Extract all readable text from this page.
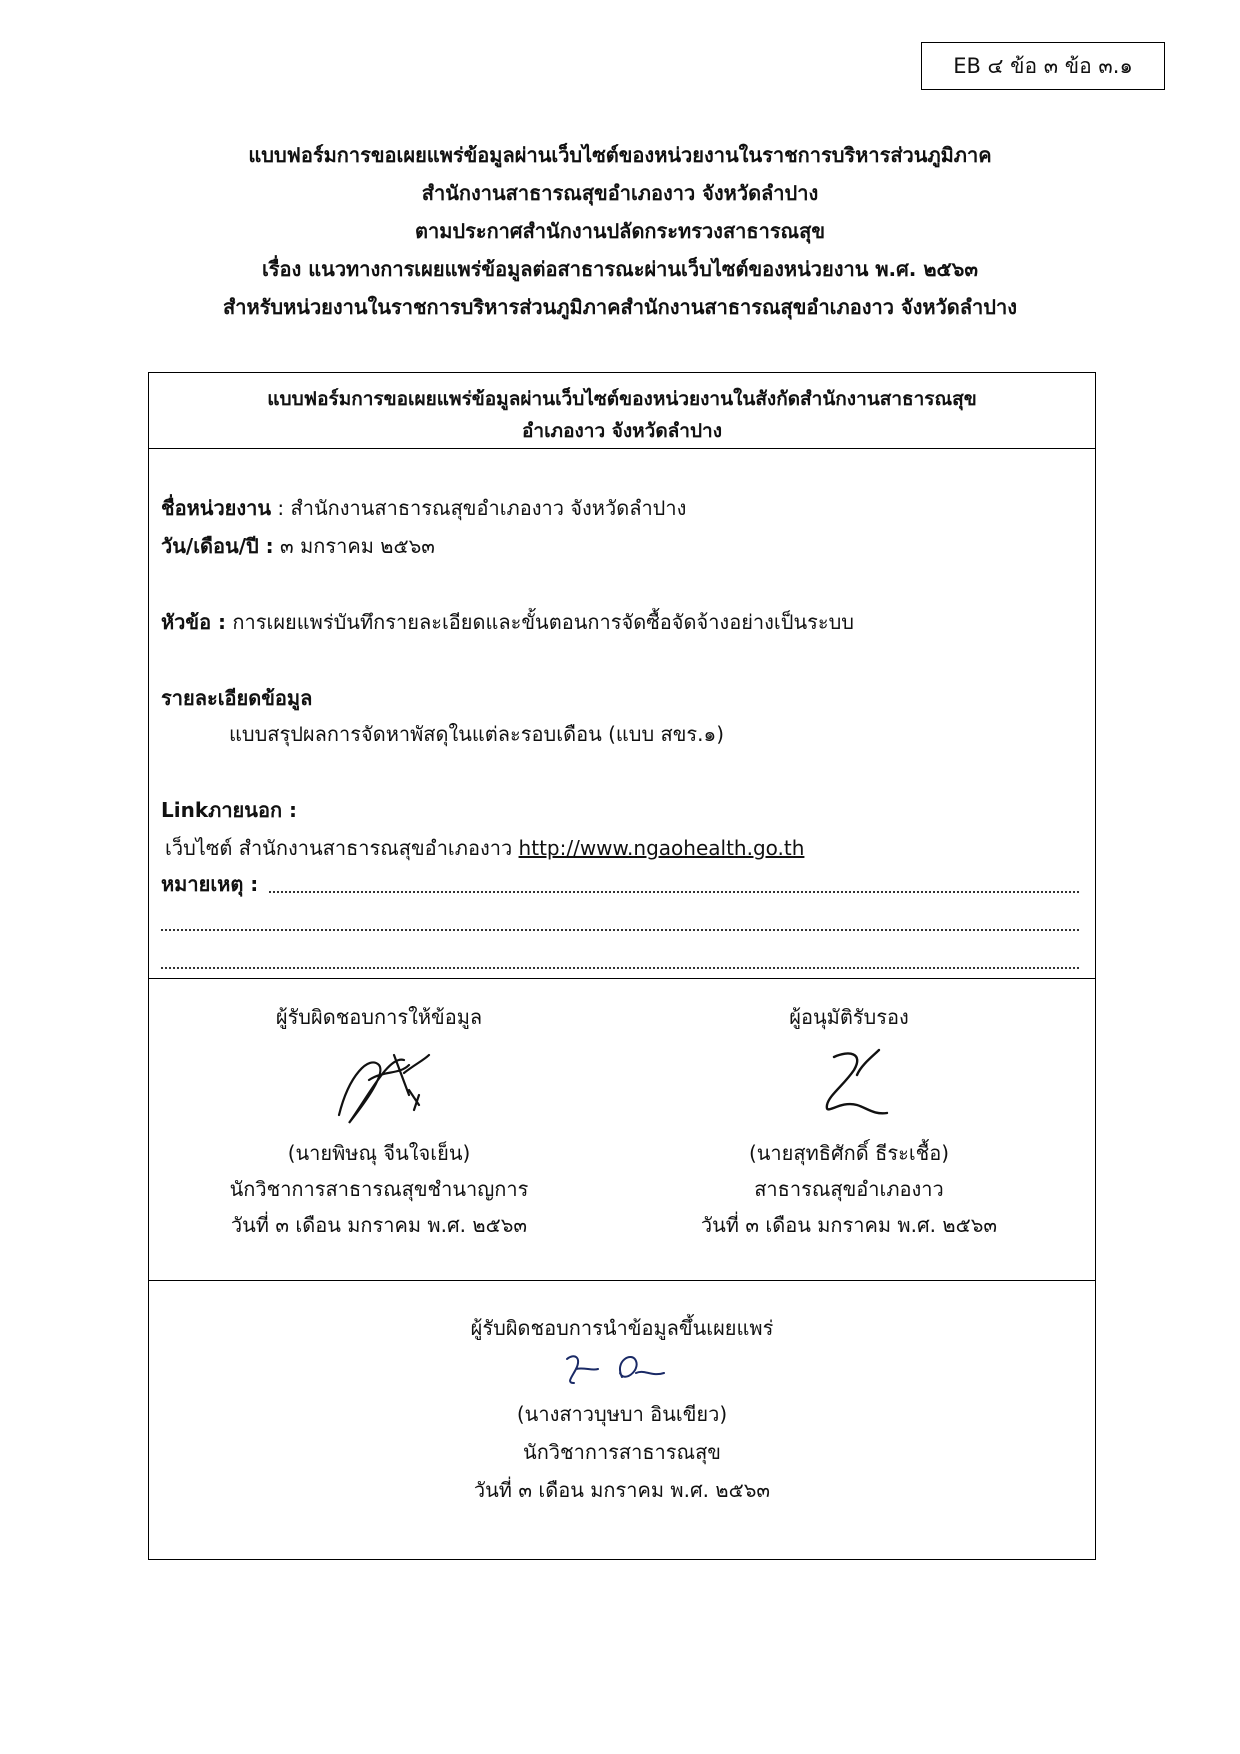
EB ๔ ข้อ ๓ ข้อ ๓.๑
แบบฟอร์มการขอเผยแพร่ข้อมูลผ่านเว็บไซต์ของหน่วยงานในราชการบริหารส่วนภูมิภาค
สำนักงานสาธารณสุขอำเภองาว จังหวัดลำปาง
ตามประกาศสำนักงานปลัดกระทรวงสาธารณสุข
เรื่อง แนวทางการเผยแพร่ข้อมูลต่อสาธารณะผ่านเว็บไซต์ของหน่วยงาน พ.ศ. ๒๕๖๓
สำหรับหน่วยงานในราชการบริหารส่วนภูมิภาคสำนักงานสาธารณสุขอำเภองาว จังหวัดลำปาง
แบบฟอร์มการขอเผยแพร่ข้อมูลผ่านเว็บไซต์ของหน่วยงานในสังกัดสำนักงานสาธารณสุข
อำเภองาว จังหวัดลำปาง
ชื่อหน่วยงาน : สำนักงานสาธารณสุขอำเภองาว จังหวัดลำปาง
วัน/เดือน/ปี : ๓ มกราคม ๒๕๖๓
หัวข้อ : การเผยแพร่บันทึกรายละเอียดและขั้นตอนการจัดซื้อจัดจ้างอย่างเป็นระบบ
รายละเอียดข้อมูล
แบบสรุปผลการจัดหาพัสดุในแต่ละรอบเดือน (แบบ สขร.๑)
Linkภายนอก :
เว็บไซต์ สำนักงานสาธารณสุขอำเภองาว http://www.ngaohealth.go.th
หมายเหตุ :
ผู้รับผิดชอบการให้ข้อมูล
(นายพิษณุ จีนใจเย็น)
นักวิชาการสาธารณสุขชำนาญการ
วันที่ ๓ เดือน มกราคม พ.ศ. ๒๕๖๓
ผู้อนุมัติรับรอง
(นายสุทธิศักดิ์ ธีระเชื้อ)
สาธารณสุขอำเภองาว
วันที่ ๓ เดือน มกราคม พ.ศ. ๒๕๖๓
ผู้รับผิดชอบการนำข้อมูลขึ้นเผยแพร่
(นางสาวบุษบา อินเขียว)
นักวิชาการสาธารณสุข
วันที่ ๓ เดือน มกราคม พ.ศ. ๒๕๖๓
